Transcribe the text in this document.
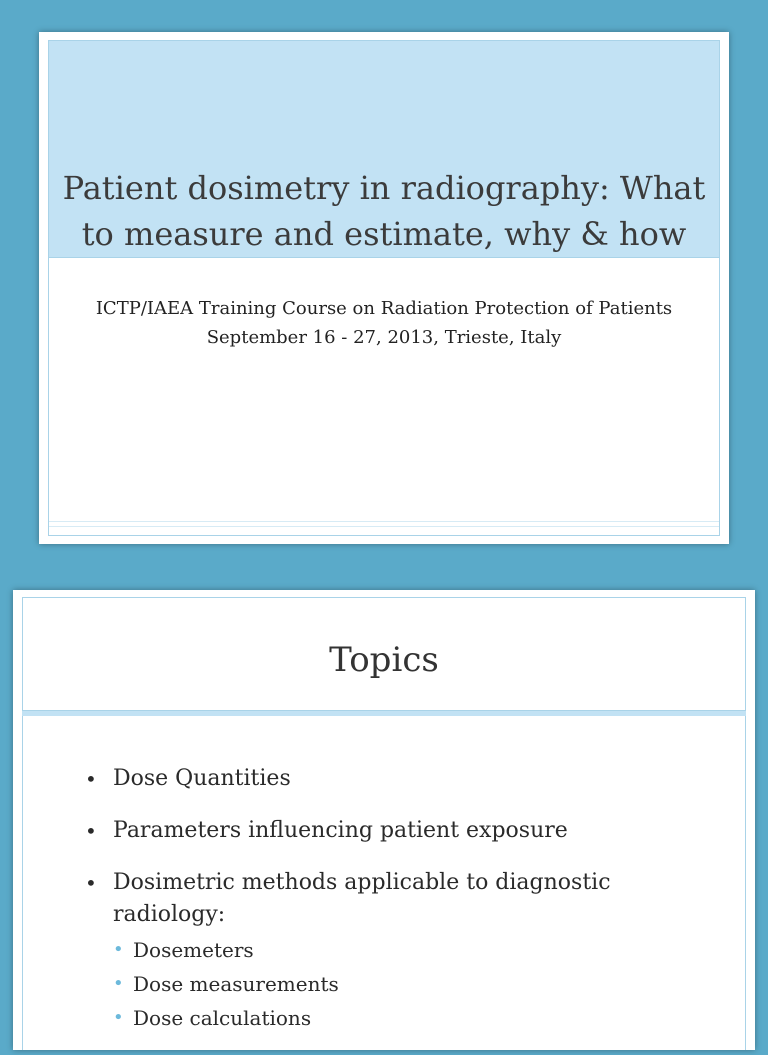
Patient dosimetry in radiography: What
to measure and estimate, why & how

ICTP/IAEA Training Course on Radiation Protection of Patients
September 16 - 27, 2013, Trieste, Italy

Topics
• Dose Quantities
• Parameters influencing patient exposure
• Dosimetric methods applicable to diagnostic radiology:
• Dosemeters
• Dose measurements
• Dose calculations
